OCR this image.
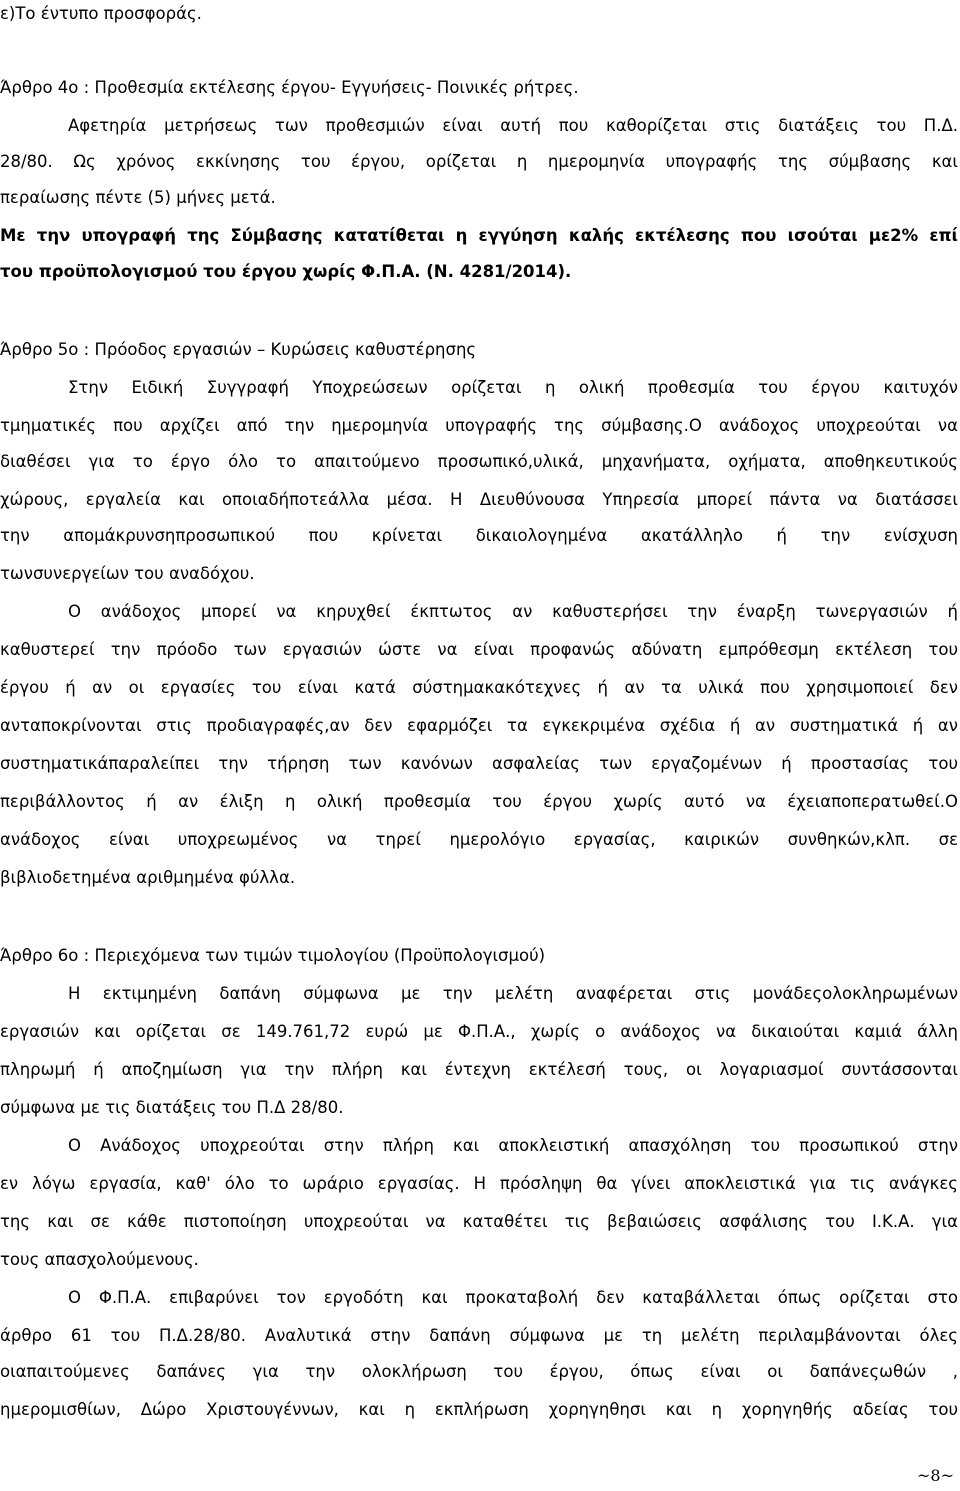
ε)Το έντυπο προσφοράς.
Άρθρο 4ο : Προθεσμία εκτέλεσης έργου- Εγγυήσεις- Ποινικές ρήτρες.
Αφετηρία μετρήσεως των προθεσμιών είναι αυτή που καθορίζεται στις διατάξεις του Π.Δ.
28/80. Ως χρόνος εκκίνησης του έργου, ορίζεται η ημερομηνία υπογραφής της σύμβασης και
περαίωσης πέντε (5) μήνες μετά.
Με την υπογραφή της Σύμβασης κατατίθεται η εγγύηση καλής εκτέλεσης που ισούται με2% επί
του προϋπολογισμού του έργου χωρίς Φ.Π.Α. (Ν. 4281/2014).
Άρθρο 5ο : Πρόοδος εργασιών – Κυρώσεις καθυστέρησης
Στην Ειδική Συγγραφή Υποχρεώσεων ορίζεται η ολική προθεσμία του έργου καιτυχόν
τμηματικές που αρχίζει από την ημερομηνία υπογραφής της σύμβασης.Ο ανάδοχος υποχρεούται να
διαθέσει για το έργο όλο το απαιτούμενο προσωπικό,υλικά, μηχανήματα, οχήματα, αποθηκευτικούς
χώρους, εργαλεία και οποιαδήποτεάλλα μέσα. Η Διευθύνουσα Υπηρεσία μπορεί πάντα να διατάσσει
την απομάκρυνσηπροσωπικού που κρίνεται δικαιολογημένα ακατάλληλο ή την ενίσχυση
τωνσυνεργείων του αναδόχου.
Ο ανάδοχος μπορεί να κηρυχθεί έκπτωτος αν καθυστερήσει την έναρξη τωνεργασιών ή
καθυστερεί την πρόοδο των εργασιών ώστε να είναι προφανώς αδύνατη εμπρόθεσμη εκτέλεση του
έργου ή αν οι εργασίες του είναι κατά σύστημακακότεχνες ή αν τα υλικά που χρησιμοποιεί δεν
ανταποκρίνονται στις προδιαγραφές,αν δεν εφαρμόζει τα εγκεκριμένα σχέδια ή αν συστηματικά ή αν
συστηματικάπαραλείπει την τήρηση των κανόνων ασφαλείας των εργαζομένων ή προστασίας του
περιβάλλοντος ή αν έλιξη η ολική προθεσμία του έργου χωρίς αυτό να έχειαποπερατωθεί.Ο
ανάδοχος είναι υποχρεωμένος να τηρεί ημερολόγιο εργασίας, καιρικών συνθηκών,κλπ. σε
βιβλιοδετημένα αριθμημένα φύλλα.
Άρθρο 6ο : Περιεχόμενα των τιμών τιμολογίου (Προϋπολογισμού)
Η εκτιμημένη δαπάνη σύμφωνα με την μελέτη αναφέρεται στις μονάδεςολοκληρωμένων
εργασιών και ορίζεται σε 149.761,72 ευρώ με Φ.Π.Α., χωρίς ο ανάδοχος να δικαιούται καμιά άλλη
πληρωμή ή αποζημίωση για την πλήρη και έντεχνη εκτέλεσή τους, οι λογαριασμοί συντάσσονται
σύμφωνα με τις διατάξεις του Π.Δ 28/80.
Ο Ανάδοχος υποχρεούται στην πλήρη και αποκλειστική απασχόληση του προσωπικού στην
εν λόγω εργασία, καθ' όλο το ωράριο εργασίας. Η πρόσληψη θα γίνει αποκλειστικά για τις ανάγκες
της και σε κάθε πιστοποίηση υποχρεούται να καταθέτει τις βεβαιώσεις ασφάλισης του Ι.Κ.Α. για
τους απασχολούμενους.
Ο Φ.Π.Α. επιβαρύνει τον εργοδότη και προκαταβολή δεν καταβάλλεται όπως ορίζεται στο
άρθρο 61 του Π.Δ.28/80. Αναλυτικά στην δαπάνη σύμφωνα με τη μελέτη περιλαμβάνονται όλες
οιαπαιτούμενες δαπάνες για την ολοκλήρωση του έργου, όπως είναι οι δαπάνεςωθών ,
ημερομισθίων, Δώρο Χριστουγέννων, και η εκπλήρωση χορηγηθησι και η χορηγηθής αδείας του
~8~
